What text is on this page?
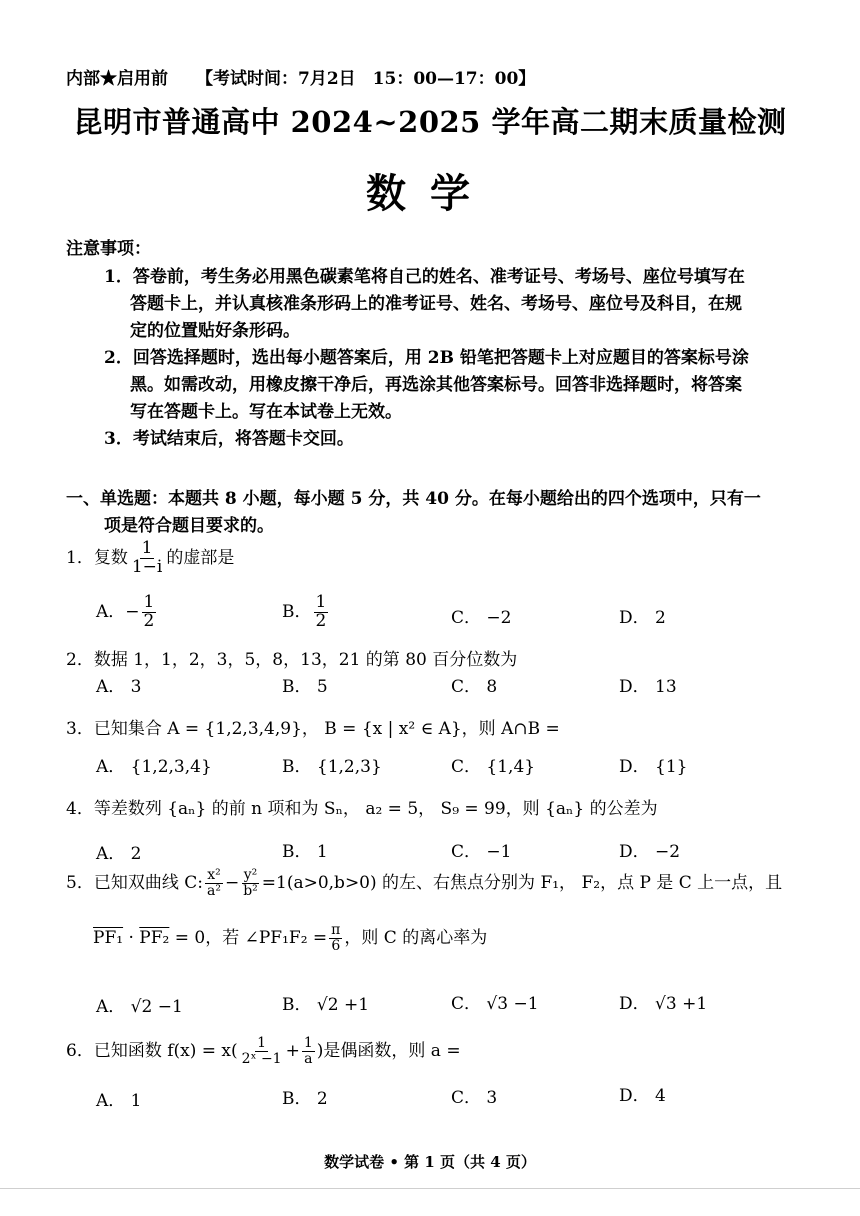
内部★启用前 【考试时间：7月2日　15：00—17：00】
昆明市普通高中 2024~2025 学年高二期末质量检测
数学
注意事项：
1．答卷前，考生务必用黑色碳素笔将自己的姓名、准考证号、考场号、座位号填写在
答题卡上，并认真核准条形码上的准考证号、姓名、考场号、座位号及科目，在规
定的位置贴好条形码。
2．回答选择题时，选出每小题答案后，用 2B 铅笔把答题卡上对应题目的答案标号涂
黑。如需改动，用橡皮擦干净后，再选涂其他答案标号。回答非选择题时，将答案
写在答题卡上。写在本试卷上无效。
3．考试结束后，将答题卡交回。
一、单选题：本题共 8 小题，每小题 5 分，共 40 分。在每小题给出的四个选项中，只有一
项是符合题目要求的。
1．复数 $\frac{1}{1-i}$ 的虚部是
A．− $\frac{1}{2}$	B． $\frac{1}{2}$	C． −2	D． 2
2．数据 1，1，2，3，5，8，13，21 的第 80 百分位数为
A． 3	B． 5	C． 8	D． 13
3．已知集合 A = {1,2,3,4,9}， B = {x | x² ∈ A}，则 A∩B =
A． {1,2,3,4}	B． {1,2,3}	C． {1,4}	D． {1}
4．等差数列 {aₙ} 的前 n 项和为 Sₙ， a₂ = 5， S₉ = 99，则 {aₙ} 的公差为
A． 2	B． 1	C． −1	D． −2
5．已知双曲线 C: $\frac{\text{x²}}{\text{a²}} - \frac{\text{y²}}{\text{b²}} =1(a>0,b>0)$ 的左、右焦点分别为 F₁， F₂，点 P 是 C 上一点，且
PF₁ · PF₂ = 0，若 ∠PF₁F₂ = $\frac{\pi}{6}$ ，则 C 的离心率为
A． √2 −1	B． √2 +1	C． √3 −1	D． √3 +1
6．已知函数 $f(x) = x( \frac{1}{\text{2ˣ −1}} + \frac{1}{a}$ )是偶函数，则 a =
A． 1	B． 2	C． 3	D． 4
数学试卷 • 第 1 页（共 4 页）
